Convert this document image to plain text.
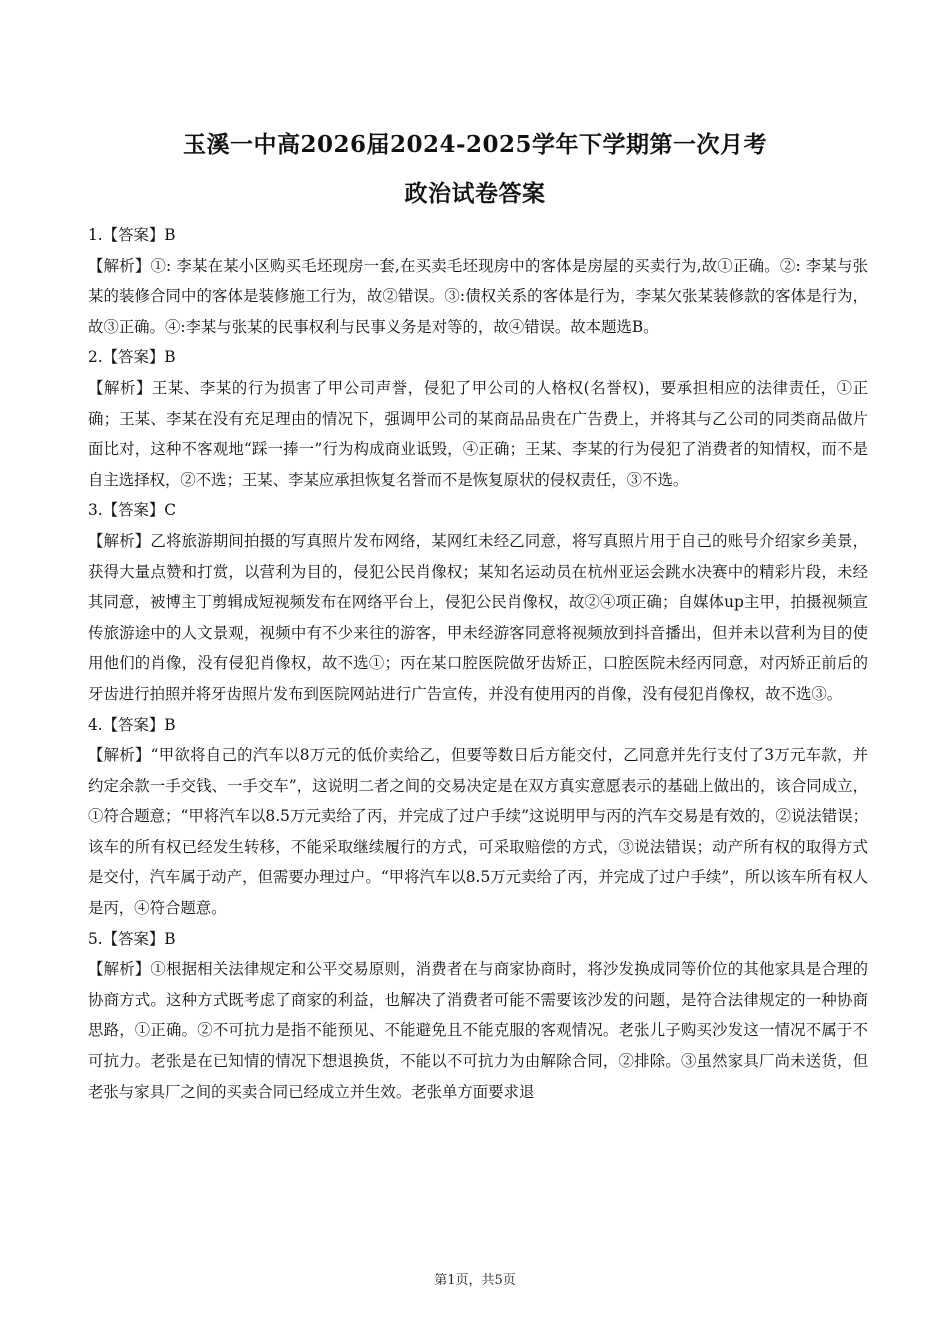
玉溪一中高2026届2024-2025学年下学期第一次月考
政治试卷答案

1.【答案】B

【解析】①: 李某在某小区购买毛坯现房一套,在买卖毛坯现房中的客体是房屋的买卖行为,故①正确。②: 李某与张某的装修合同中的客体是装修施工行为，故②错误。③:债权关系的客体是行为，李某欠张某装修款的客体是行为，故③正确。④:李某与张某的民事权利与民事义务是对等的，故④错误。故本题选B。

2.【答案】B

【解析】王某、李某的行为损害了甲公司声誉，侵犯了甲公司的人格权(名誉权)，要承担相应的法律责任，①正确；王某、李某在没有充足理由的情况下，强调甲公司的某商品品贵在广告费上，并将其与乙公司的同类商品做片面比对，这种不客观地“踩一捧一”行为构成商业诋毁，④正确；王某、李某的行为侵犯了消费者的知情权，而不是自主选择权，②不选；王某、李某应承担恢复名誉而不是恢复原状的侵权责任，③不选。

3.【答案】C

【解析】乙将旅游期间拍摄的写真照片发布网络，某网红未经乙同意，将写真照片用于自己的账号介绍家乡美景，获得大量点赞和打赏，以营利为目的，侵犯公民肖像权；某知名运动员在杭州亚运会跳水决赛中的精彩片段，未经其同意，被博主丁剪辑成短视频发布在网络平台上，侵犯公民肖像权，故②④项正确；自媒体up主甲，拍摄视频宣传旅游途中的人文景观，视频中有不少来往的游客，甲未经游客同意将视频放到抖音播出，但并未以营利为目的使用他们的肖像，没有侵犯肖像权，故不选①；丙在某口腔医院做牙齿矫正，口腔医院未经丙同意，对丙矫正前后的牙齿进行拍照并将牙齿照片发布到医院网站进行广告宣传，并没有使用丙的肖像，没有侵犯肖像权，故不选③。

4.【答案】B

【解析】“甲欲将自己的汽车以8万元的低价卖给乙，但要等数日后方能交付，乙同意并先行支付了3万元车款，并约定余款一手交钱、一手交车”，这说明二者之间的交易决定是在双方真实意愿表示的基础上做出的，该合同成立，①符合题意；“甲将汽车以8.5万元卖给了丙，并完成了过户手续”这说明甲与丙的汽车交易是有效的，②说法错误；该车的所有权已经发生转移，不能采取继续履行的方式，可采取赔偿的方式，③说法错误；动产所有权的取得方式是交付，汽车属于动产，但需要办理过户。“甲将汽车以8.5万元卖给了丙，并完成了过户手续”，所以该车所有权人是丙，④符合题意。

5.【答案】B

【解析】①根据相关法律规定和公平交易原则，消费者在与商家协商时，将沙发换成同等价位的其他家具是合理的协商方式。这种方式既考虑了商家的利益，也解决了消费者可能不需要该沙发的问题，是符合法律规定的一种协商思路，①正确。②不可抗力是指不能预见、不能避免且不能克服的客观情况。老张儿子购买沙发这一情况不属于不可抗力。老张是在已知情的情况下想退换货，不能以不可抗力为由解除合同，②排除。③虽然家具厂尚未送货，但老张与家具厂之间的买卖合同已经成立并生效。老张单方面要求退

第1页，共5页
